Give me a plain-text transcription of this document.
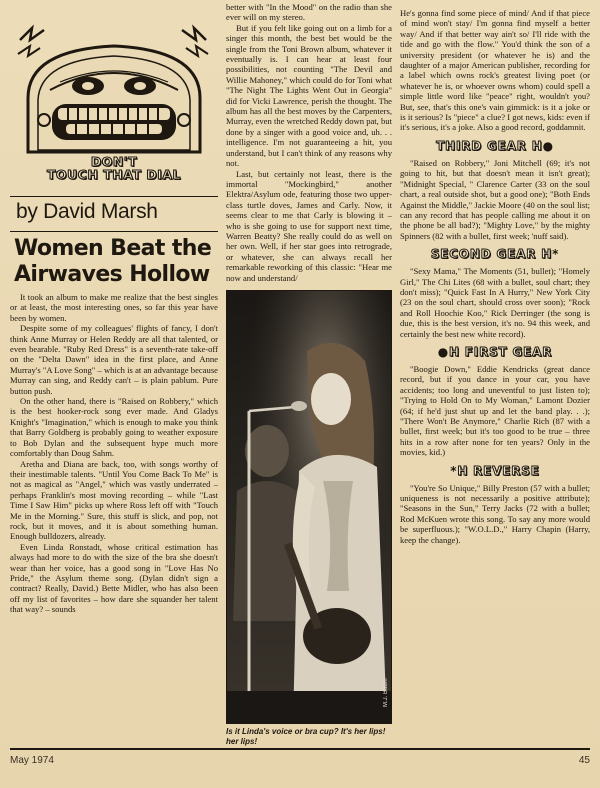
DON'T
TOUCH THAT DIAL
by David Marsh
Women Beat the
Airwaves Hollow

It took an album to make me realize that the best singles or at least, the most interesting ones, so far this year have been by women.

Despite some of my colleagues' flights of fancy, I don't think Anne Murray or Helen Reddy are all that talented, or even bearable. "Ruby Red Dress" is a seventh-rate take-off on the "Delta Dawn" idea in the first place, and Anne Murray's "A Love Song" – which is at an advantage because Murray can sing, and Reddy can't – is plain pablum. Pure button push.

On the other hand, there is "Raised on Robbery," which is the best hooker-rock song ever made. And Gladys Knight's "Imagination," which is enough to make you think that Barry Goldberg is probably going to weather exposure to Bob Dylan and the subsequent hype much more comfortably than Doug Sahm.

Aretha and Diana are back, too, with songs worthy of their inestimable talents. "Until You Come Back To Me" is not as magical as "Angel," which was vastly underrated – perhaps Franklin's most moving recording – while "Last Time I Saw Him" picks up where Ross left off with "Touch Me in the Morning." Sure, this stuff is slick, and pop, not rock, but it moves, and it is about something human. Enough bulldozers, already.

Even Linda Ronstadt, whose critical estimation has always had more to do with the size of the bra she doesn't wear than her voice, has a good song in "Love Has No Pride," the Asylum theme song. (Dylan didn't sign a contract? Really, David.) Bette Midler, who has also been off my list of favorites – how dare she squander her talent that way? – sounds

better with "In the Mood" on the radio than she ever will on my stereo.

But if you felt like going out on a limb for a singer this month, the best bet would be the single from the Toni Brown album, whatever it eventually is. I can hear at least four possibilities, not counting "The Devil and Willie Mahoney," which could do for Toni what "The Night The Lights Went Out in Georgia" did for Vicki Lawrence, perish the thought. The album has all the best moves by the Carpenters, Murray, even the wretched Reddy down pat, but done by a singer with a good voice and, uh. . . intelligence. I'm not guaranteeing a hit, you understand, but I can't think of any reasons why not.

Last, but certainly not least, there is the immortal "Mockingbird," another Elektra/Asylum ode, featuring those two upper-class turtle doves, James and Carly. Now, it seems clear to me that Carly is blowing it – who is she going to use for support next time, Warren Beatty? She really could do as well on her own. Well, if her star goes into retrograde, or whatever, she can always recall her remarkable reworking of this classic: "Hear me now and understand/

M.J. Baum
Is it Linda's voice or bra cup? It's her lips! her lips!

He's gonna find some piece of mind/ And if that piece of mind won't stay/ I'm gonna find myself a better way/ And if that better way ain't so/ I'll ride with the tide and go with the flow." You'd think the son of a university president (or whatever he is) and the daughter of a major American publisher, recording for a label which owns rock's greatest living poet (or whatever he is, or whoever owns whom) could spell a simple little word like "peace" right, wouldn't you? But, see, that's this one's vain gimmick: is it a joke or is it serious? Is "piece" a clue? I got news, kids: even if it's serious, it's a joke. Also a good record, goddamnit.

THIRD GEAR H●

"Raised on Robbery," Joni Mitchell (69; it's not going to hit, but that doesn't mean it isn't great); "Midnight Special, " Clarence Carter (33 on the soul chart, a real outside shot, but a good one); "Both Ends Against the Middle," Jackie Moore (40 on the soul list; can any record that has people calling me about it on the phone be all bad?); "Mighty Love," by the mighty Spinners (82 with a bullet, first week; 'nuff said).

SECOND GEAR H*

"Sexy Mama," The Moments (51, bullet); "Homely Girl," The Chi Lites (68 with a bullet, soul chart; they don't miss); "Quick Fast In A Hurry," New York City (23 on the soul chart, should cross over soon); "Rock and Roll Hoochie Koo," Rick Derringer (the song is due, this is the best version, it's no. 94 this week, and certainly the best new white record).

●H FIRST GEAR

"Boogie Down," Eddie Kendricks (great dance record, but if you dance in your car, you have accidents; too long and uneventful to just listen to); "Trying to Hold On to My Woman," Lamont Dozier (64; if he'd just shut up and let the band play. . .); "There Won't Be Anymore," Charlie Rich (87 with a bullet, first week; but it's too good to be true – three hits in a row after none for ten years? Only in the movies, kid.)

*H REVERSE

"You're So Unique," Billy Preston (57 with a bullet; uniqueness is not necessarily a positive attribute); "Seasons in the Sun," Terry Jacks (72 with a bullet; Rod McKuen wrote this song. To say any more would be superfluous.); "W.O.L.D.," Harry Chapin (Harry, keep the change).

May 1974	45
